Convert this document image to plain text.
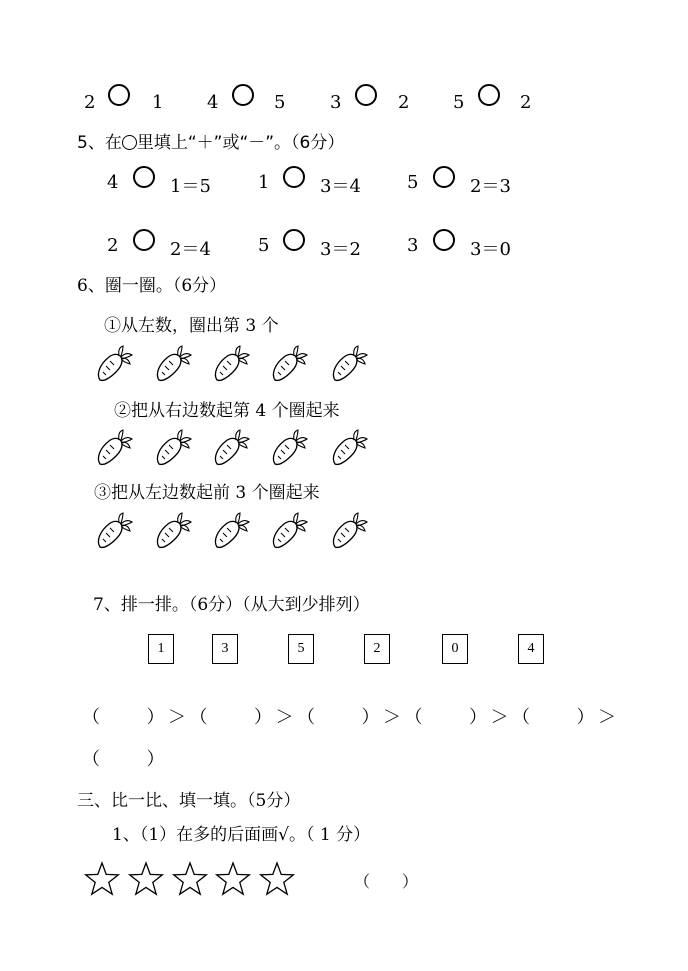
2	1 4	5 3	2 5	2
5、在 里填上“＋”或“－”。（6分）
4	1＝5	1	3＝4	5	2＝3
2	2＝4	5	3＝2	3	3＝0
6、圈一圈。（6分）
①从左数，圈出第 3 个
②把从右边数起第 4 个圈起来
③把从左边数起前 3 个圈起来
7、排一排。（6分）（从大到少排列）
1	3	5	2	0	4
（　　）＞（　　）＞（　　）＞（　　）＞（　　）＞
（　　）
三、比一比、填一填。（5分）
1、（1）在多的后面画√。（ 1 分）
（　　）
